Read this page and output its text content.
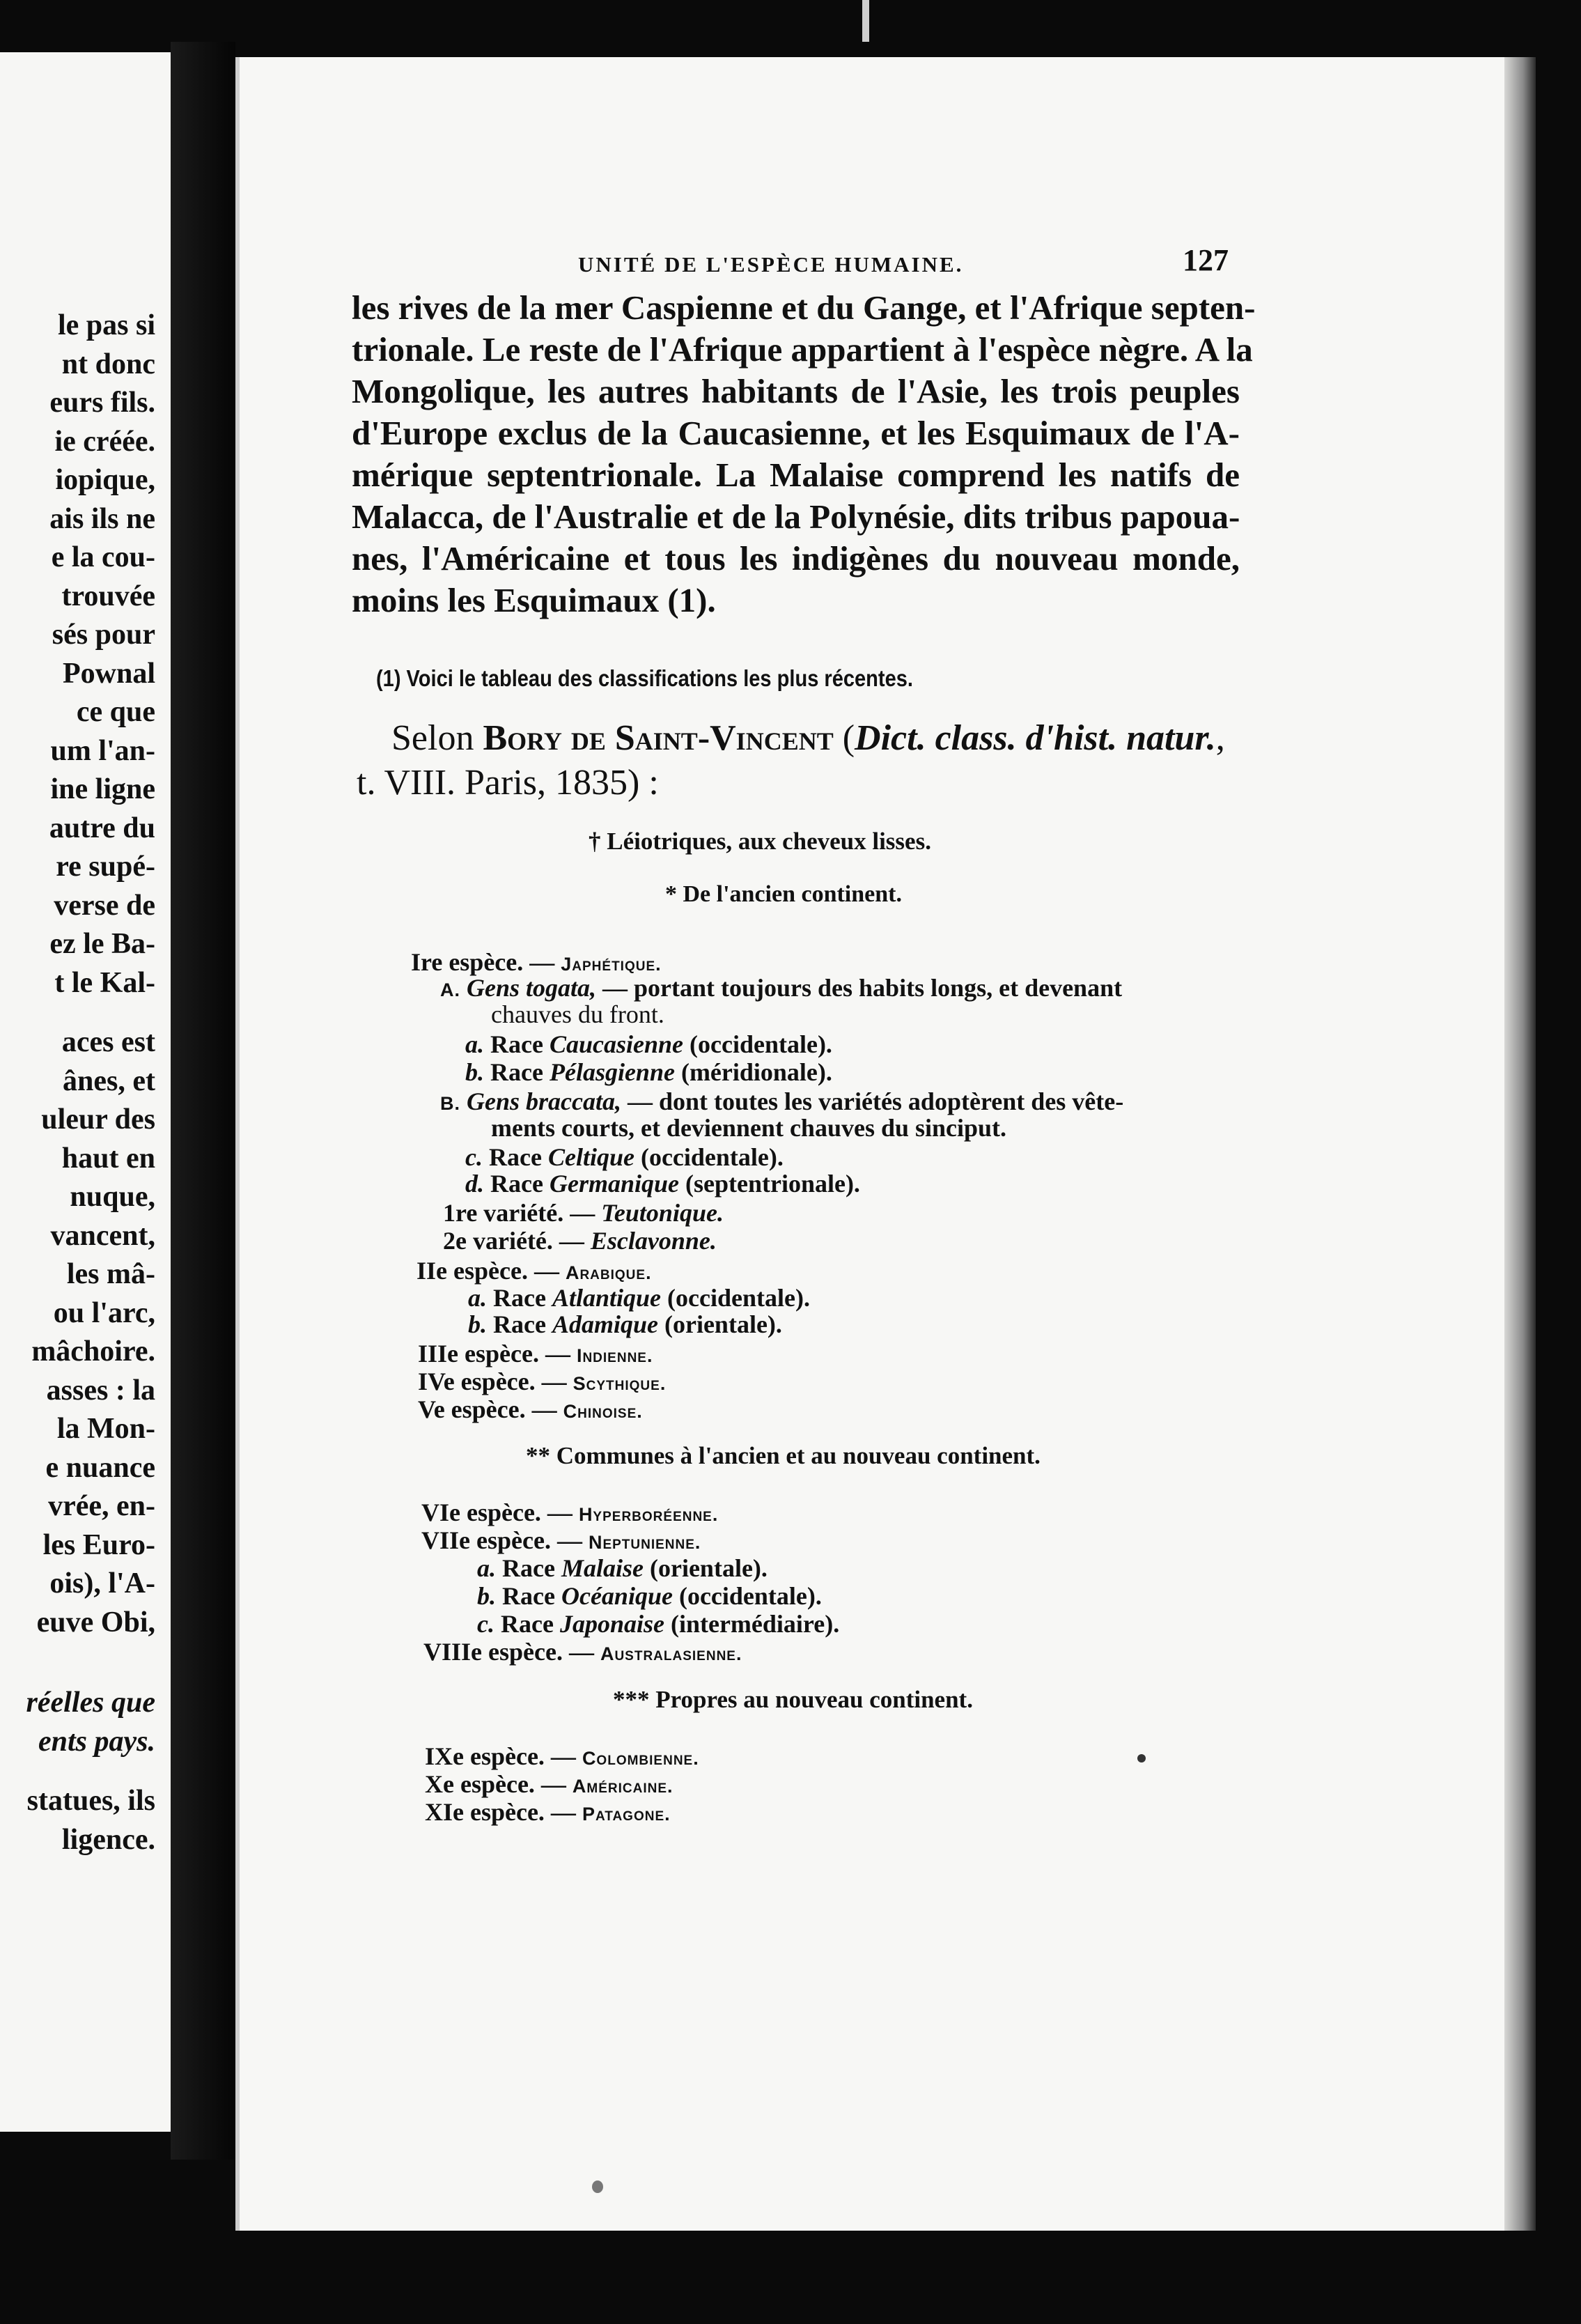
le pas si
nt donc
eurs fils.
ie créée.
iopique,
ais ils ne
e la cou-
trouvée
sés pour
Pownal
ce que
um l'an-
ine ligne
autre du
re supé-
verse de
ez le Ba-
t le Kal-
aces est
ânes, et
uleur des
haut en
nuque,
vancent,
les mâ-
ou l'arc,
mâchoire.
asses : la
la Mon-
e nuance
vrée, en-
les Euro-
ois), l'A-
euve Obi,
réelles que
ents pays.
statues, ils
ligence.
UNITÉ DE L'ESPÈCE HUMAINE.	127
les rives de la mer Caspienne et du Gange, et l'Afrique septen-
trionale. Le reste de l'Afrique appartient à l'espèce nègre. A la
Mongolique, les autres habitants de l'Asie, les trois peuples
d'Europe exclus de la Caucasienne, et les Esquimaux de l'A-
mérique septentrionale. La Malaise comprend les natifs de
Malacca, de l'Australie et de la Polynésie, dits tribus papoua-
nes, l'Américaine et tous les indigènes du nouveau monde,
moins les Esquimaux (1).
(1) Voici le tableau des classifications les plus récentes.
Selon Bory de Saint-Vincent (Dict. class. d'hist. natur.,
t. VIII. Paris, 1835) :
† Léiotriques, aux cheveux lisses.
* De l'ancien continent.
Ire espèce. — Japhétique.
A. Gens togata, — portant toujours des habits longs, et devenant
chauves du front.
a. Race Caucasienne (occidentale).
b. Race Pélasgienne (méridionale).
B. Gens braccata, — dont toutes les variétés adoptèrent des vête-
ments courts, et deviennent chauves du sinciput.
c. Race Celtique (occidentale).
d. Race Germanique (septentrionale).
1re variété. — Teutonique.
2e variété. — Esclavonne.
IIe espèce. — Arabique.
a. Race Atlantique (occidentale).
b. Race Adamique (orientale).
IIIe espèce. — Indienne.
IVe espèce. — Scythique.
Ve espèce. — Chinoise.
** Communes à l'ancien et au nouveau continent.
VIe espèce. — Hyperboréenne.
VIIe espèce. — Neptunienne.
a. Race Malaise (orientale).
b. Race Océanique (occidentale).
c. Race Japonaise (intermédiaire).
VIIIe espèce. — Australasienne.
*** Propres au nouveau continent.
IXe espèce. — Colombienne.
Xe espèce. — Américaine.
XIe espèce. — Patagone.
